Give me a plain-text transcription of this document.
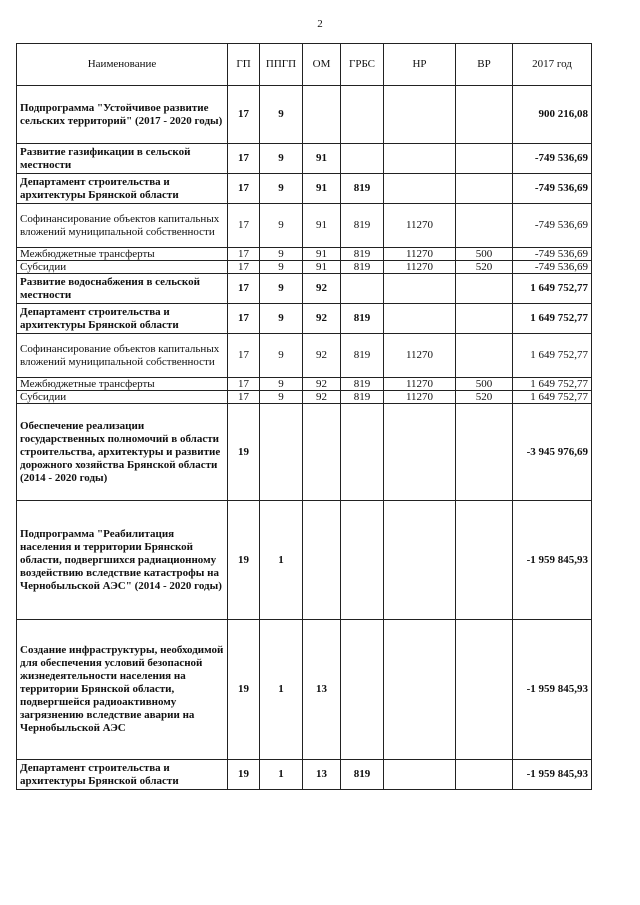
2
Наименование	ГП	ППГП	ОМ	ГРБС	НР	ВР	2017 год
Подпрограмма "Устойчивое развитие сельских территорий" (2017 - 2020 годы)	17	9					900 216,08
Развитие газификации в сельской местности	17	9	91				-749 536,69
Департамент строительства и архитектуры Брянской области	17	9	91	819			-749 536,69
Софинансирование объектов капитальных вложений муниципальной собственности	17	9	91	819	11270		-749 536,69
Межбюджетные трансферты	17	9	91	819	11270	500	-749 536,69
Субсидии	17	9	91	819	11270	520	-749 536,69
Развитие водоснабжения в сельской местности	17	9	92				1 649 752,77
Департамент строительства и архитектуры Брянской области	17	9	92	819			1 649 752,77
Софинансирование объектов капитальных вложений муниципальной собственности	17	9	92	819	11270		1 649 752,77
Межбюджетные трансферты	17	9	92	819	11270	500	1 649 752,77
Субсидии	17	9	92	819	11270	520	1 649 752,77
Обеспечение реализации государственных полномочий в области строительства, архитектуры и развитие дорожного хозяйства Брянской области (2014 - 2020 годы)	19						-3 945 976,69
Подпрограмма "Реабилитация населения и территории Брянской области, подвергшихся радиационному воздействию вследствие катастрофы на Чернобыльской АЭС" (2014 - 2020 годы)	19	1					-1 959 845,93
Создание инфраструктуры, необходимой для обеспечения условий безопасной жизнедеятельности населения на территории Брянской области, подвергшейся радиоактивному загрязнению вследствие аварии на Чернобыльской АЭС	19	1	13				-1 959 845,93
Департамент строительства и архитектуры Брянской области	19	1	13	819			-1 959 845,93
